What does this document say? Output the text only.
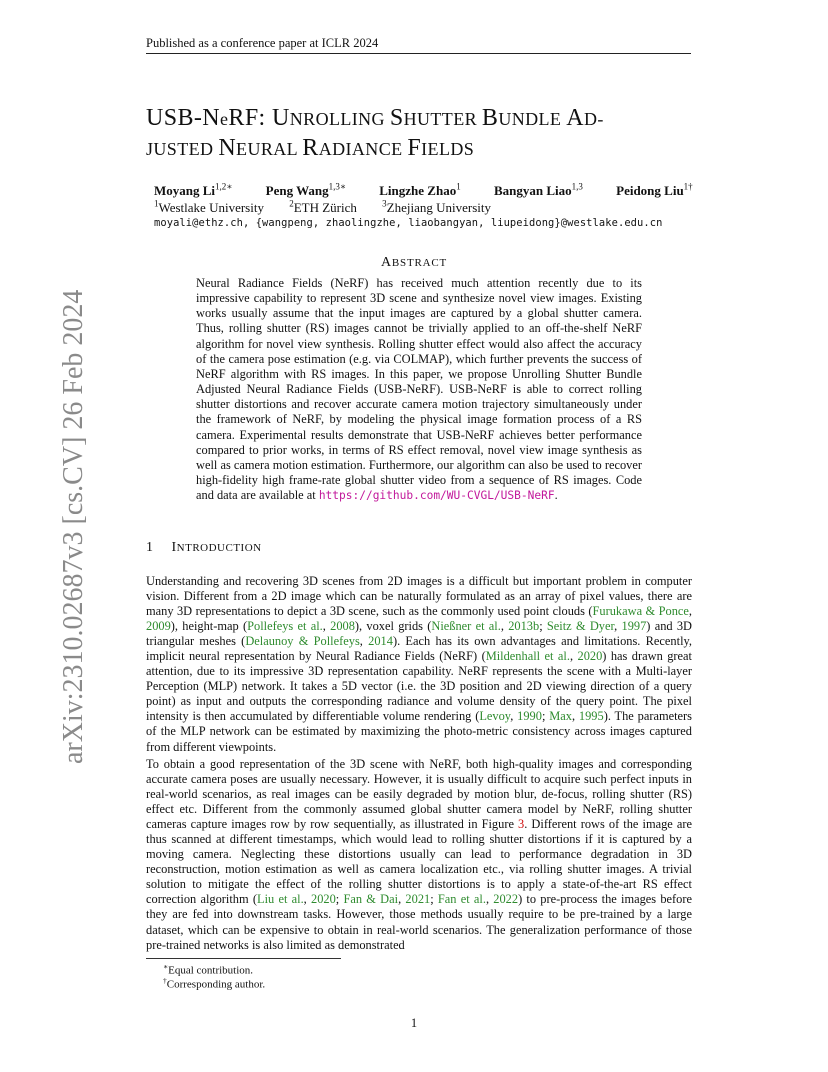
Published as a conference paper at ICLR 2024
arXiv:2310.02687v3 [cs.CV] 26 Feb 2024
USB-NeRF: UNROLLING SHUTTER BUNDLE AD-
JUSTED NEURAL RADIANCE FIELDS
Moyang $Li^{1,2∗}$	Peng Wang$^{1,3∗}$	Lingzhe Zhao$^1$	Bangyan Liao$^{1,3}$	Peidong Liu$^{1\dagger}$
$^1$Westlake University	$^2$ETH Zürich	$^3$Zhejiang University
moyali@ethz.ch, {wangpeng, zhaolingzhe, liaobangyan, liupeidong}@westlake.edu.cn
ABSTRACT
Neural Radiance Fields (NeRF) has received much attention recently due to its impressive capability to represent 3D scene and synthesize novel view images. Existing works usually assume that the input images are captured by a global shutter camera. Thus, rolling shutter (RS) images cannot be trivially applied to an off-the-shelf NeRF algorithm for novel view synthesis. Rolling shutter effect would also affect the accuracy of the camera pose estimation (e.g. via COLMAP), which further prevents the success of NeRF algorithm with RS images. In this paper, we propose Unrolling Shutter Bundle Adjusted Neural Radiance Fields (USB-NeRF). USB-NeRF is able to correct rolling shutter distortions and recover accurate camera motion trajectory simultaneously under the framework of NeRF, by modeling the physical image formation process of a RS camera. Experimental results demonstrate that USB-NeRF achieves better performance compared to prior works, in terms of RS effect removal, novel view image synthesis as well as camera motion estimation. Furthermore, our algorithm can also be used to recover high-fidelity high frame-rate global shutter video from a sequence of RS images. Code and data are available at https://github.com/WU-CVGL/USB-NeRF.
1 INTRODUCTION
Understanding and recovering 3D scenes from 2D images is a difficult but important problem in computer vision. Different from a 2D image which can be naturally formulated as an array of pixel values, there are many 3D representations to depict a 3D scene, such as the commonly used point clouds (Furukawa & Ponce, 2009), height-map (Pollefeys et al., 2008), voxel grids (Nießner et al., 2013b; Seitz & Dyer, 1997) and 3D triangular meshes (Delaunoy & Pollefeys, 2014). Each has its own advantages and limitations. Recently, implicit neural representation by Neural Radiance Fields (NeRF) (Mildenhall et al., 2020) has drawn great attention, due to its impressive 3D representation capability. NeRF represents the scene with a Multi-layer Perception (MLP) network. It takes a 5D vector (i.e. the 3D position and 2D viewing direction of a query point) as input and outputs the corresponding radiance and volume density of the query point. The pixel intensity is then accumulated by differentiable volume rendering (Levoy, 1990; Max, 1995). The parameters of the MLP network can be estimated by maximizing the photo-metric consistency across images captured from different viewpoints.
To obtain a good representation of the 3D scene with NeRF, both high-quality images and corresponding accurate camera poses are usually necessary. However, it is usually difficult to acquire such perfect inputs in real-world scenarios, as real images can be easily degraded by motion blur, de-focus, rolling shutter (RS) effect etc. Different from the commonly assumed global shutter camera model by NeRF, rolling shutter cameras capture images row by row sequentially, as illustrated in Figure 3. Different rows of the image are thus scanned at different timestamps, which would lead to rolling shutter distortions if it is captured by a moving camera. Neglecting these distortions usually can lead to performance degradation in 3D reconstruction, motion estimation as well as camera localization etc., via rolling shutter images. A trivial solution to mitigate the effect of the rolling shutter distortions is to apply a state-of-the-art RS effect correction algorithm (Liu et al., 2020; Fan & Dai, 2021; Fan et al., 2022) to pre-process the images before they are fed into downstream tasks. However, those methods usually require to be pre-trained by a large dataset, which can be expensive to obtain in real-world scenarios. The generalization performance of those pre-trained networks is also limited as demonstrated
∗Equal contribution.
†Corresponding author.
1
